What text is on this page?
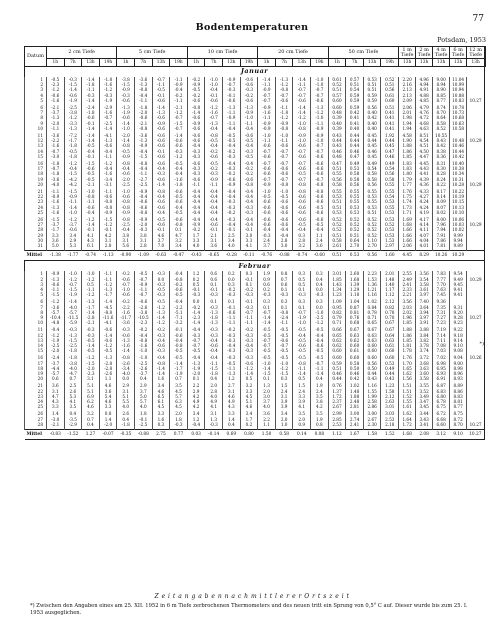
77
Bodentemperaturen
Potsdam, 1953
Datum	2 cm Tiefe				5 cm Tiefe				10 cm Tiefe				20 cm Tiefe				50 cm Tiefe				1 m Tiefe	2 m Tiefe	4 m Tiefe	6 m Tiefe	12 m Tiefe	
	1h	7h	13h	19h	1h	7h	13h	19h	1h	7h	13h	19h	1h	7h	13h	19h	1h	7h	13h	19h	13h	13h	13h	13h	13h	
Januar																										
1	-0.5	-0.3	-1.4	-1.8	-3.8	-3.6	-0.7	-1.1	-0.2	-1.0	-0.9	-0.6	-1.4	-1.3	-1.4	-1.0	0.61	0.57	0.53	0.52	2.20	4.96	9.00	11.04		
2	-2.3	-1.5	-1.8	-1.6	-1.5	-1.3	-1.1	-0.9	-0.9	-1.0	-0.7	-0.6	-1.1	-1.2	-1.1	-1.0	0.52	0.51	0.51	0.51	2.16	4.94	8.94	10.99		
3	-1.2	-1.4	-1.1	-1.2	-0.9	-0.8	-0.5	-0.4	-0.5	-0.4	-0.3	-0.3	-0.9	-0.8	-0.7	-0.7	0.51	0.54	0.51	0.56	2.13	4.91	8.90	10.94		
4	-0.6	-0.6	-0.3	-0.3	-0.3	-0.4	-0.1	-0.2	-0.2	-0.1	-0.1	-0.2	-0.7	-0.7	-0.7	-0.7	0.57	0.59	0.59	0.61	2.13	4.88	8.85	10.88		
5	-1.6	-1.9	-1.4	-1.9	-0.6	-1.1	-0.6	-1.1	-0.6	-0.6	-0.6	-0.6	-0.7	-0.6	-0.6	-0.6	0.60	0.59	0.59	0.60	2.09	4.85	8.77	10.83	10.27	

6	-2.1	-2.5	-2.4	-2.9	-1.3	-1.8	-1.4	-2.1	-0.8	-1.2	-1.3	-1.3	-0.9	-1.1	-1.4	-1.3	0.60	0.59	0.56	0.51	2.06	4.79	8.74	10.78		
7	-3.7	-3.8	-1.8	-1.6	-1.9	-2.0	-1.3	-1.2	-1.4	-1.6	-1.1	-0.9	-1.6	-1.8	-1.4	-1.2	0.48	0.42	0.40	0.41	2.01	4.76	8.70	10.73		
8	-1.3	-1.2	-0.6	-0.7	-0.6	-0.6	-0.6	-0.7	-0.6	-0.7	-0.9	-1.0	-1.1	-1.2	-1.2	-1.0	0.39	0.41	0.42	0.41	1.98	4.72	8.64	10.68		
9	-2.0	-3.3	-0.1	-2.5	-1.4	-2.1	-0.9	-1.5	-0.9	-1.3	-1.1	-1.1	-0.9	-0.9	-1.0	-1.1	0.40	0.41	0.40	0.41	1.94	4.68	8.58	10.63		
10	-1.1	-1.3	-1.4	-1.4	-1.0	-0.8	-0.6	-0.7	-0.6	-0.4	-0.4	-0.4	-0.9	-0.8	-0.8	-0.9	0.39	0.40	0.40	0.41	1.94	4.63	8.52	10.58		

11	-3.6	-7.2	-1.4	-4.1	-2.0	-3.6	-0.6	-1.4	-0.6	-0.8	-0.5	-0.6	-1.0	-1.0	-0.9	-0.9	0.43	0.44	0.45	1.92	4.58	8.51	10.55			
12	-2.2	-1.7	-1.4	-1.3	-1.4	-1.3	-0.6	-0.6	-0.6	-0.5	-0.5	-0.5	-1.1	-1.1	-1.0	-1.0	0.44	0.44	0.44	0.44	1.90	4.54	8.43	10.48	10.29	
13	-1.6	-1.8	-0.5	-0.6	-0.8	-0.9	-0.6	-0.6	-0.4	-0.4	-0.4	-0.4	-0.6	-0.6	-0.6	-0.7	0.43	0.44	0.45	0.45	1.88	4.51	8.42	10.46		
14	-0.7	-0.5	-0.4	-0.4	-0.5	-0.4	-0.1	-0.3	-0.3	-0.2	-0.2	-0.3	-0.7	-0.7	-0.7	-0.7	0.46	0.46	0.46	0.47	1.86	4.50	8.38	10.44		
15	-3.0	-1.8	-0.1	-1.1	-0.9	-1.5	-0.6	-1.2	-0.3	-0.6	-0.3	-0.5	-0.6	-0.7	-0.6	-0.6	0.48	0.47	0.45	0.46	1.85	4.47	8.36	10.42		

16	-1.8	-1.2	-1.5	-1.2	-0.8	-0.8	-0.6	-0.5	-0.6	-0.5	-0.4	-0.4	-0.7	-0.7	-0.7	-0.6	0.47	0.49	0.49	0.49	1.83	4.45	8.31	10.40		
17	-0.7	-0.4	-0.6	-0.4	-0.4	-0.4	-0.4	-0.4	-0.3	-0.2	-0.3	-0.2	-0.6	-0.6	-0.6	-0.6	0.51	0.53	0.54	0.54	1.83	4.43	8.30	10.38		
18	-1.8	-1.5	-0.5	-1.6	-0.6	-1.1	-0.3	-0.4	-0.3	-0.3	-0.2	-0.2	-0.6	-0.6	-0.5	-0.6	0.55	0.58	0.58	0.56	1.80	4.41	8.28	10.34		
19	-3.6	-4.2	-0.5	-3.4	-2.0	-2.7	-0.6	-1.6	-0.6	-0.9	-0.6	-0.6	-0.7	-0.7	-0.7	-0.7	0.56	0.58	0.58	0.58	1.79	4.39	8.24	10.31		
20	-4.0	-4.2	-2.1	-3.1	-2.5	-2.5	-1.4	-1.8	-1.1	-1.1	-0.9	-0.8	-0.9	-0.8	-0.8	-0.8	0.58	0.56	0.56	0.55	1.77	4.36	8.22	10.28	10.29	

21	-1.1	-1.5	-1.0	-1.1	-1.0	-0.9	-0.8	-0.6	-0.4	-0.4	-0.4	-0.4	-1.0	-1.0	-0.8	-0.8	0.55	0.55	0.55	0.55	1.76	4.33	8.17	10.22		
22	-0.9	-0.9	-0.8	-0.6	-0.6	-0.4	-0.4	-0.5	-0.4	-0.4	-0.4	-0.4	-0.5	-0.5	-0.6	-0.6	0.53	0.55	0.53	0.54	1.75	4.27	8.14	10.19		
23	-1.6	-1.1	-1.1	-0.8	-0.8	-0.6	-0.6	-0.6	-0.4	-0.4	-0.3	-0.4	-0.6	-0.6	-0.6	-0.6	0.51	0.55	0.55	0.53	1.74	4.24	8.09	10.15		
24	-1.3	-1.4	-0.6	-0.8	-0.8	-0.6	-0.6	-0.4	-0.4	-0.4	-0.3	-0.3	-0.6	-0.6	-0.6	-0.5	0.51	0.53	0.53	0.55	1.73	4.24	8.07	10.13		
25	-1.6	-1.0	-0.4	-0.9	-0.9	-0.8	-0.4	-0.5	-0.4	-0.4	-0.2	-0.3	-0.6	-0.6	-0.6	-0.6	0.53	0.53	0.51	0.53	1.71	4.19	8.02	10.10		

26	-1.5	-1.2	-1.2	-1.5	-0.8	-0.9	-0.5	-0.6	-0.4	-0.4	-0.3	-0.4	-0.6	-0.6	-0.6	-0.6	0.52	0.52	0.52	0.53	1.69	4.17	8.00	10.06		
27	-3.7	-3.7	-1.4	-1.2	-2.5	-2.0	-0.6	-0.8	-0.9	-0.6	-0.4	-0.4	-0.6	-0.6	-0.5	-0.5	0.52	0.52	0.52	0.52	1.68	4.14	7.96	10.03	10.29	
28	-1.7	-0.6	-0.1	-0.1	-0.4	-0.3	-0.1	0.1	-0.2	-0.1	-0.1	-0.1	-0.4	-0.4	-0.4	-0.4	0.52	0.52	0.52	0.53	1.66	4.11	7.94	10.02		
29	3.3	3.4	4.1	4.2	3.8	3.8	4.6	4.7	1.7	2.1	2.5	3.0	-0.3	-0.4	0.3	1.1	0.51	0.51	0.52	0.53	1.66	4.07	7.91	9.99		
30	3.6	2.9	4.3	3.1	3.1	3.1	3.7	3.2	3.3	3.1	3.4	3.3	2.4	2.8	2.8	2.4	0.58	0.64	1.10	1.53	1.66	4.04	7.86	9.94		
31	5.0	5.3	6.1	2.8	5.6	2.8	7.0	3.4	4.0	3.6	4.0	4.1	3.7	3.0	3.2	3.6	2.61	2.70	2.70	2.97	2.06	4.01	7.81	9.89		

Mittel	-1.38	-1.77	-0.74	-1.13	-0.90	-1.09	-0.63	-0.47	-0.43	-0.65	-0.28	-0.11	-0.76	-0.88	-0.74	-0.60	0.51	0.53	0.56	1.60	4.45	8.29	10.26	10.29		
Februar																										
1	-0.9	-1.0	-1.0	-1.1	-0.2	-0.5	-0.3	-0.4	1.2	0.6	0.2	0.3	1.9	0.8	0.3	0.3	3.01	2.60	2.23	2.01	2.55	3.56	7.83	9.54		
2	-1.3	-1.2	-1.2	-1.1	-0.6	-0.7	0.0	-0.8	0.2	0.6	0.0	-0.1	0.9	0.7	0.5	0.4	1.85	1.68	1.53	1.48	2.49	3.54	7.77	9.49	10.29	
3	-0.6	-0.7	0.5	-1.2	-0.7	-0.9	-0.3	-0.2	0.5	0.1	0.3	0.1	0.6	0.6	0.5	0.4	1.43	1.39	1.36	1.40	2.41	3.58	7.70	9.45		
4	-1.1	-1.5	-1.1	-1.3	-1.0	-1.1	-0.5	-0.6	-0.1	-0.1	-0.2	-0.2	0.2	0.1	0.1	0.0	1.34	1.29	1.21	1.17	2.33	3.61	7.63	9.41		
5	-1.5	-1.9	-1.2	-1.7	-0.6	-0.7	-0.3	-0.5	-0.3	-0.3	-0.3	-0.3	-0.3	-0.3	-0.3	-0.3	1.23	1.18	1.16	1.12	2.21	3.97	7.45	9.41		

6	-1.2	-1.4	-1.3	-1.4	-0.2	-0.6	-0.5	-0.4	0.0	0.1	0.1	-0.1	0.3	0.3	0.3	0.3	1.09	1.04	1.02	2.12	3.56	7.40	9.36			
7	-3.6	-4.0	-1.7	-4.5	-2.2	-2.6	-1.2	-2.2	-0.2	-0.3	-0.1	-0.3	0.1	0.1	0.1	0.0	0.95	0.87	0.84	0.82	2.03	3.64	7.35	9.31		
8	-5.7	-5.7	-1.4	-8.8	-1.6	-3.8	-1.3	-5.1	-1.4	-1.3	-0.6	-0.7	-0.7	-0.8	-0.7	-1.0	0.82	0.81	0.78	0.78	2.02	3.94	7.31	9.20		
9	-10.4	-11.5	-2.8	-11.6	-11.7	-10.5	-1.4	-7.1	-2.3	-1.8	-1.1	-1.1	-1.4	-2.4	-1.9	-2.5	0.79	0.76	0.71	0.70	1.96	3.97	7.27	9.28	10.27	
10	-4.8	-5.9	-2.1	-4.1	-3.6	-2.3	-1.2	-3.2	-1.4	-1.3	-1.1	-1.1	-1.4	-1.1	-1.0	-1.2	0.71	0.68	0.65	0.67	1.85	3.91	7.23	9.23		

11	-0.4	-0.3	-0.3	-0.6	-0.3	-0.2	-0.2	-0.1	-0.4	-0.3	-0.2	-0.2	-0.5	-0.5	-0.5	-0.5	0.66	0.67	0.67	0.67	1.88	3.88	7.19	9.22		
12	-1.2	-1.3	-0.3	-1.4	-0.6	-0.4	-0.3	-0.6	-0.3	-0.3	-0.3	-0.3	-0.5	-0.5	-0.4	-0.4	0.65	0.63	0.63	0.64	1.86	3.84	7.14	9.18		
13	-1.9	-1.5	-0.5	-0.6	-1.3	-0.8	-0.4	-0.4	-0.7	-0.4	-0.3	-0.3	-0.7	-0.6	-0.5	-0.4	0.62	0.62	0.63	0.63	1.85	3.82	7.11	9.14		
14	-2.5	-2.5	-1.4	-1.2	-1.6	-1.6	-0.6	-0.8	-0.7	-0.6	-0.4	-0.4	-0.7	-0.7	-0.6	-0.6	0.62	0.60	0.60	0.61	1.81	3.78	7.08	9.10		
15	-2.0	-1.8	-0.5	-0.5	-1.4	-1.0	-0.3	-0.5	-0.5	-0.4	-0.3	-0.3	-0.5	-0.5	-0.5	-0.5	0.60	0.61	0.60	0.60	1.78	3.74	7.03	9.08		

16	-2.4	-1.8	-1.2	-1.3	-0.8	-1.0	-0.4	-0.5	-0.4	-0.4	-0.3	-0.3	-0.5	-0.5	-0.5	-0.5	0.60	0.60	0.60	0.60	1.76	3.72	7.02	9.04	10.26	
17	-3.7	-3.8	-1.5	-2.8	-2.6	-2.5	-0.8	-1.4	-1.3	-1.1	-0.5	-0.6	-1.0	-1.0	-0.8	-0.7	0.59	0.58	0.56	0.53	1.70	3.68	6.98	9.00		
18	-4.4	-4.0	-2.0	-2.8	-3.4	-2.6	-1.4	-1.7	-1.9	-1.5	-1.1	-1.2	-1.4	-1.2	-1.1	-1.1	0.51	0.50	0.50	0.49	1.65	3.63	6.95	8.98		
19	-5.7	-4.7	-2.3	-2.6	-4.0	-3.7	-1.4	-1.9	-2.0	-1.8	-1.3	-1.4	-1.5	-1.5	-1.4	-1.4	0.46	0.46	0.44	0.44	1.62	3.60	6.93	8.96		
20	0.6	0.7	3.1	1.1	0.0	0.4	1.6	0.7	0.1	0.4	1.2	0.5	0.1	0.3	0.5	0.4	0.44	0.42	0.43	0.43	1.56	3.58	6.91	8.93		

21	3.6	2.5	5.1	4.6	2.9	2.9	3.4	3.5	2.2	2.0	2.7	3.2	1.3	1.5	1.5	1.9	0.76	1.02	1.16	1.23	1.51	3.55	6.87	8.89		
22	3.1	2.6	5.1	3.6	3.1	3.7	4.6	4.5	2.9	2.8	3.1	3.3	2.0	2.4	2.4	2.4	1.37	1.48	1.55	1.58	1.51	3.52	6.83	8.86		
23	4.7	5.3	6.9	5.4	5.1	5.0	6.5	5.7	4.2	4.0	4.6	4.5	3.0	3.1	3.3	3.5	1.72	1.88	1.99	2.12	1.52	3.49	6.80	8.83		
24	4.3	4.1	6.2	4.6	5.5	5.7	6.1	6.3	4.9	4.9	4.9	5.1	3.7	3.9	3.9	3.8	2.37	2.48	2.58	2.63	1.55	3.47	6.78	8.81		
25	3.3	3.5	4.6	3.3	4.0	4.0	4.5	4.5	4.2	4.1	4.3	4.6	4.0	3.9	4.1	4.2	2.67	2.81	2.86	3.01	1.61	3.45	6.75	8.77		

26	1.4	0.4	3.2	0.8	2.6	1.8	3.3	2.0	3.4	3.1	3.3	3.4	3.6	3.4	3.5	3.5	2.99	3.00	3.00	3.03	1.62	3.44	6.72	8.75		
27	-3.0	-3.5	0.7	1.4	0.4	-0.1	1.6	1.8	1.2	1.3	1.4	1.7	2.2	2.0	2.0	1.9	2.85	2.74	2.67	2.53	1.64	3.43	6.68	8.72		
28	-2.1	-2.9	0.4	-2.0	-1.8	-2.5	0.3	-0.3	-0.4	-0.3	0.4	0.2	1.1	1.0	0.9	0.8	2.53	2.41	2.30	2.18	1.72	3.41	6.60	8.70	10.27	

Mittel	-0.83	-1.52	1.27	-0.07	-0.35	-0.88	2.75	0.77	0.03	-0.14	0.69	0.80	1.50	0.58	0.14	0.08	1.12	1.67	1.58	1.52	1.68	2.08	3.12	9.10	10.27	
*)
Z e i t a n g a b e n n a c h m i t t l e r e r O r t s z e i t
*) Zwischen den Angaben eines am 25. XII. 1952 in 6 m Tiefe zerbrochenen Thermometers und des neuen tritt ein Sprung von 0,5° C auf. Dieser wurde bis zum 25. I. 1953 ausgeglichen.
